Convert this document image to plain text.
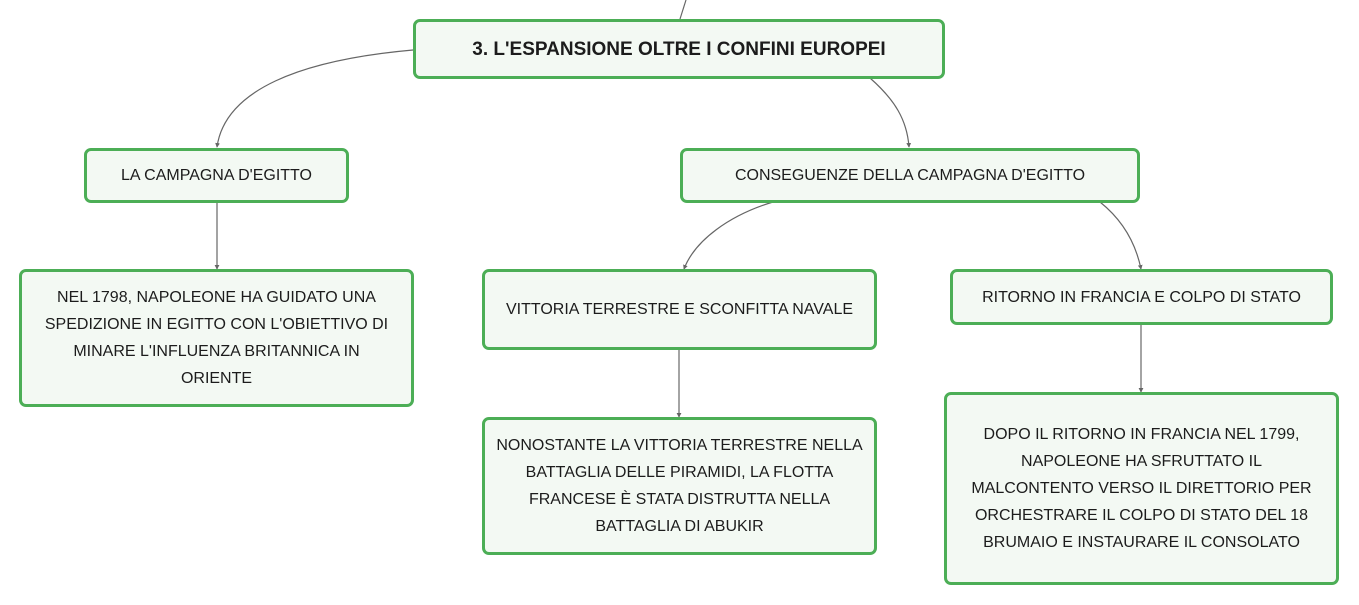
3. L'ESPANSIONE OLTRE I CONFINI EUROPEI
LA CAMPAGNA D'EGITTO	CONSEGUENZE DELLA CAMPAGNA D'EGITTO
NEL 1798, NAPOLEONE HA GUIDATO UNA SPEDIZIONE IN EGITTO CON L'OBIETTIVO DI MINARE L'INFLUENZA BRITANNICA IN ORIENTE
VITTORIA TERRESTRE E SCONFITTA NAVALE
RITORNO IN FRANCIA E COLPO DI STATO
NONOSTANTE LA VITTORIA TERRESTRE NELLA BATTAGLIA DELLE PIRAMIDI, LA FLOTTA FRANCESE È STATA DISTRUTTA NELLA BATTAGLIA DI ABUKIR
DOPO IL RITORNO IN FRANCIA NEL 1799, NAPOLEONE HA SFRUTTATO IL MALCONTENTO VERSO IL DIRETTORIO PER ORCHESTRARE IL COLPO DI STATO DEL 18 BRUMAIO E INSTAURARE IL CONSOLATO
